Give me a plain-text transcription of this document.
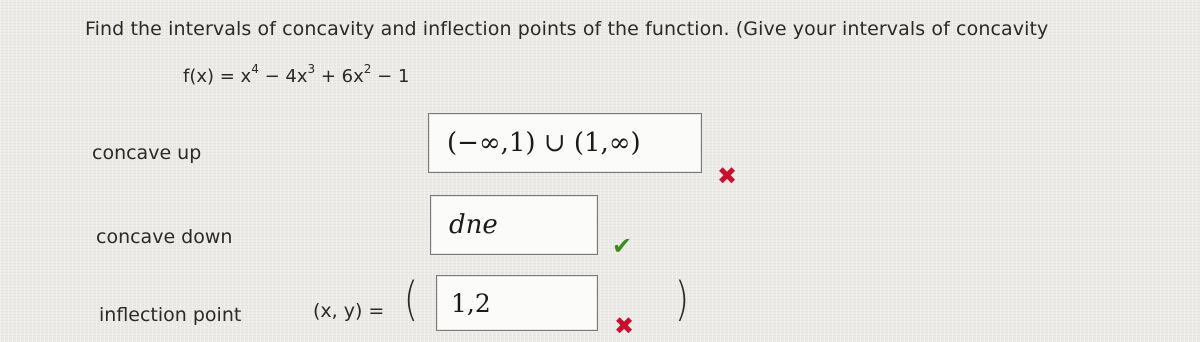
Find the intervals of concavity and inflection points of the function. (Give your intervals of concavity
$f(x) = x^4 - 4x^3 + 6x^2 - 1$
concave up	(−∞,1) ∪ (1,∞)
✖
concave down	dne
✔
inflection point	(x, y) = ( 1,2
✖ )
